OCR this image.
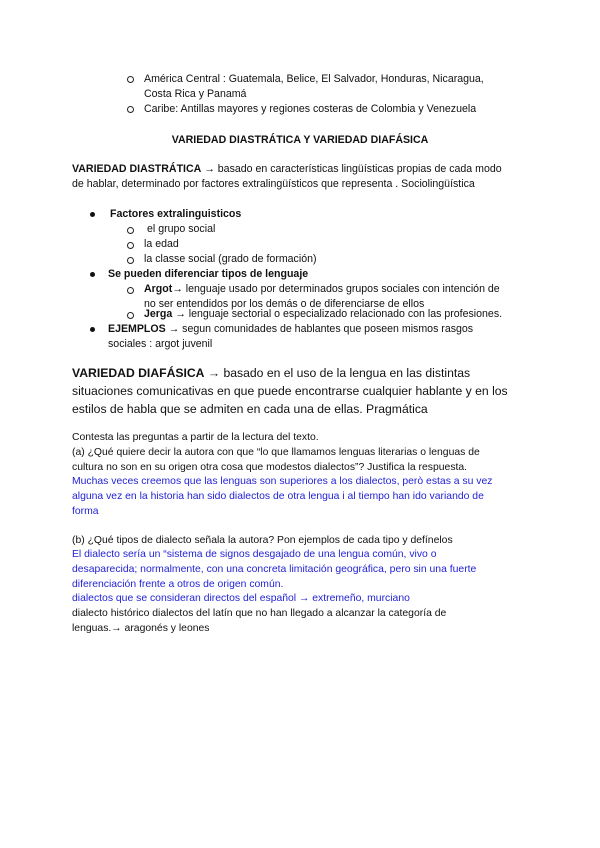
América Central : Guatemala, Belice, El Salvador, Honduras, Nicaragua,
Costa Rica y Panamá
Caribe: Antillas mayores y regiones costeras de Colombia y Venezuela
VARIEDAD DIASTRÁTICA Y VARIEDAD DIAFÁSICA
VARIEDAD DIASTRÁTICA → basado en características lingüísticas propias de cada modo
de hablar, determinado por factores extralingüísticos que representa . Sociolingüística
Factores extralinguisticos
el grupo social
la edad
la classe social (grado de formación)
Se pueden diferenciar tipos de lenguaje
Argot→ lenguaje usado por determinados grupos sociales con intención de
no ser entendidos por los demás o de diferenciarse de ellos
Jerga → lenguaje sectorial o especializado relacionado con las profesiones.
EJEMPLOS → segun comunidades de hablantes que poseen mismos rasgos
sociales : argot juvenil
VARIEDAD DIAFÁSICA → basado en el uso de la lengua en las distintas
situaciones comunicativas en que puede encontrarse cualquier hablante y en los
estilos de habla que se admiten en cada una de ellas. Pragmática
Contesta las preguntas a partir de la lectura del texto.
(a) ¿Qué quiere decir la autora con que “lo que llamamos lenguas literarias o lenguas de
cultura no son en su origen otra cosa que modestos dialectos”? Justifica la respuesta.
Muchas veces creemos que las lenguas son superiores a los dialectos, però estas a su vez
alguna vez en la historia han sido dialectos de otra lengua i al tiempo han ido variando de
forma
(b) ¿Qué tipos de dialecto señala la autora? Pon ejemplos de cada tipo y defínelos
El dialecto sería un “sistema de signos desgajado de una lengua común, vivo o
desaparecida; normalmente, con una concreta limitación geográfica, pero sin una fuerte
diferenciación frente a otros de origen común.
dialectos que se consideran directos del español → extremeño, murciano
dialecto histórico dialectos del latín que no han llegado a alcanzar la categoría de
lenguas.→ aragonés y leones
